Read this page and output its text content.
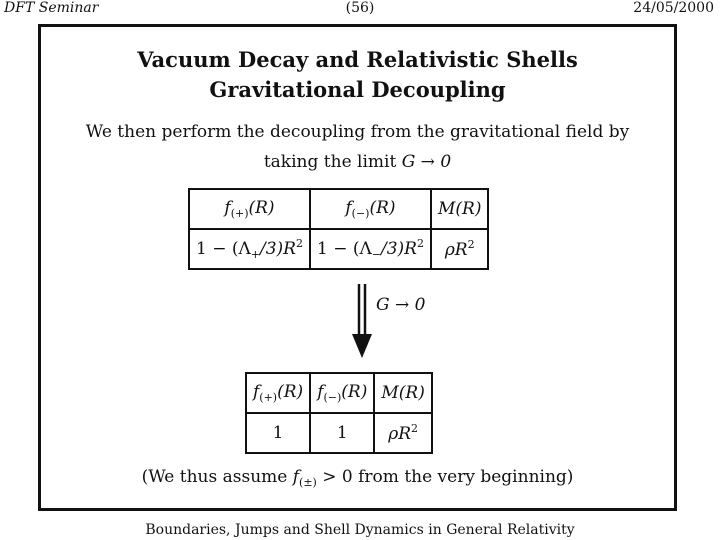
DFT Seminar	(56)	24/05/2000
Vacuum Decay and Relativistic Shells
Gravitational Decoupling
We then perform the decoupling from the gravitational field by
taking the limit G → 0
$f_{(+)}(R)$	$f_{(-)}(R)$	M(R)
$1 - (\Lambda_+/3)R^2$	$1 - (\Lambda_-/3)R^2$	$\rho R^2$
G → 0
$f_{(+)}(R)$	$f_{(-)}(R)$	M(R)
1	1	$\rho R^2$
(We thus assume $f_{(\pm)} > 0$ from the very beginning)
Boundaries, Jumps and Shell Dynamics in General Relativity
